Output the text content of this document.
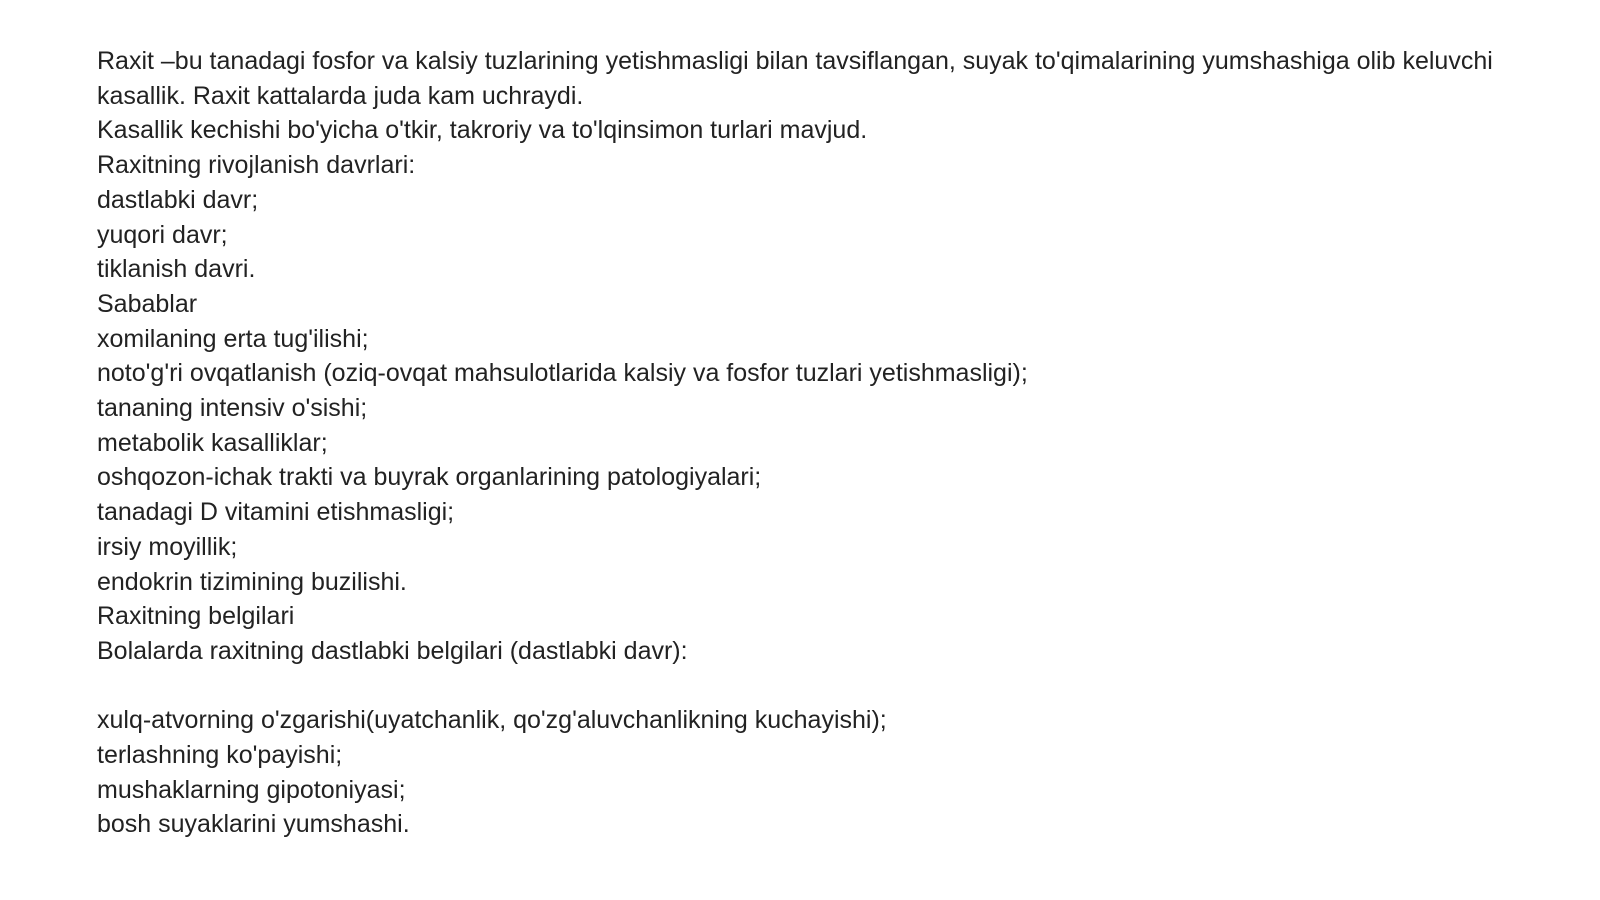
Raxit –bu tanadagi fosfor va kalsiy tuzlarining yetishmasligi bilan tavsiflangan, suyak to'qimalarining yumshashiga olib keluvchi kasallik. Raxit kattalarda juda kam uchraydi.
Kasallik kechishi bo'yicha o'tkir, takroriy va to'lqinsimon turlari mavjud.
Raxitning rivojlanish davrlari:
dastlabki davr;
yuqori davr;
tiklanish davri.
Sabablar
xomilaning erta tug'ilishi;
noto'g'ri ovqatlanish (oziq-ovqat mahsulotlarida kalsiy va fosfor tuzlari yetishmasligi);
tananing intensiv o'sishi;
metabolik kasalliklar;
oshqozon-ichak trakti va buyrak organlarining patologiyalari;
tanadagi D vitamini etishmasligi;
irsiy moyillik;
endokrin tizimining buzilishi.
Raxitning belgilari
Bolalarda raxitning dastlabki belgilari (dastlabki davr):
xulq-atvorning o'zgarishi(uyatchanlik, qo'zg'aluvchanlikning kuchayishi);
terlashning ko'payishi;
mushaklarning gipotoniyasi;
bosh suyaklarini yumshashi.
